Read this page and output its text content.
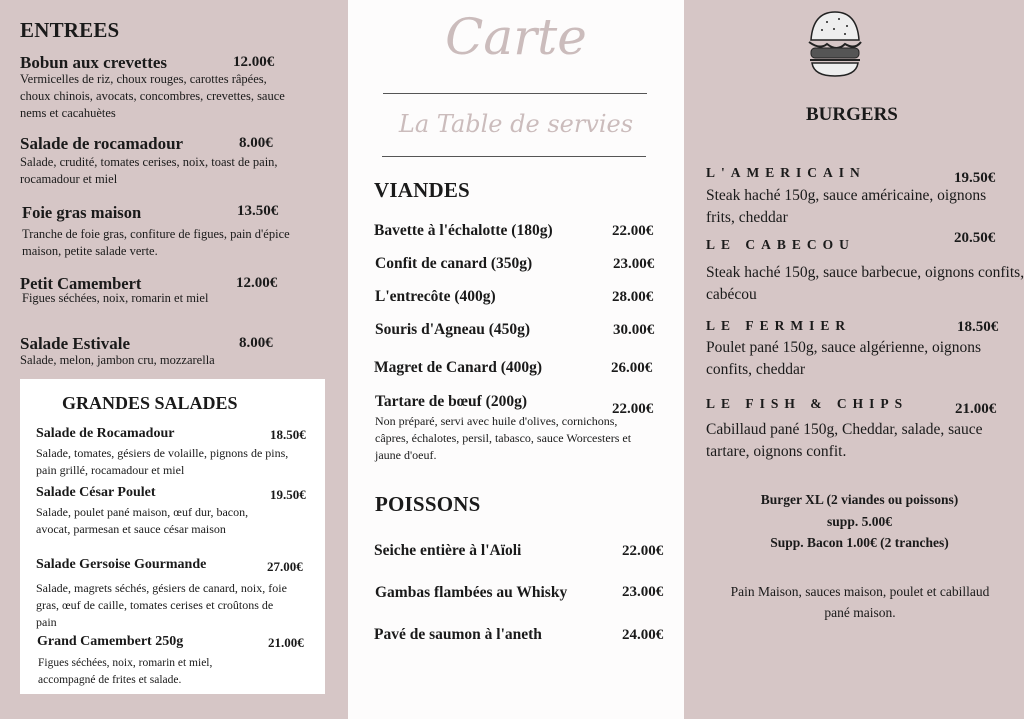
ENTREES
Bobun aux crevettes	12.00€
Vermicelles de riz, choux rouges, carottes râpées, choux chinois, avocats, concombres, crevettes, sauce nems et cacahuètes
Salade de rocamadour	8.00€
Salade, crudité, tomates cerises, noix, toast de pain, rocamadour et miel
Foie gras maison	13.50€
Tranche de foie gras, confiture de figues, pain d'épice maison, petite salade verte.
Petit Camembert	12.00€
Figues séchées, noix, romarin et miel
Salade Estivale	8.00€
Salade, melon, jambon cru, mozzarella
GRANDES SALADES
Salade de Rocamadour	18.50€
Salade, tomates, gésiers de volaille, pignons de pins, pain grillé, rocamadour et miel
Salade César Poulet	19.50€
Salade, poulet pané maison, œuf dur, bacon, avocat, parmesan et sauce césar maison
Salade Gersoise Gourmande	27.00€
Salade, magrets séchés, gésiers de canard, noix, foie gras, œuf de caille, tomates cerises et croûtons de pain
Grand Camembert 250g	21.00€
Figues séchées, noix, romarin et miel, accompagné de frites et salade.
Carte
La Table de servies
VIANDES
Bavette à l'échalotte (180g)	22.00€
Confit de canard (350g)	23.00€
L'entrecôte (400g)	28.00€
Souris d'Agneau (450g)	30.00€
Magret de Canard (400g)	26.00€
Tartare de bœuf (200g)	22.00€
Non préparé, servi avec huile d'olives, cornichons, câpres, échalotes, persil, tabasco, sauce Worcesters et jaune d'oeuf.
POISSONS
Seiche entière à l'Aïoli	22.00€
Gambas flambées au Whisky	23.00€
Pavé de saumon à l'aneth	24.00€
BURGERS
L'AMERICAIN	19.50€
Steak haché 150g, sauce américaine, oignons frits, cheddar
LE CABECOU	20.50€
Steak haché 150g, sauce barbecue, oignons confits, cabécou
LE FERMIER	18.50€
Poulet pané 150g, sauce algérienne, oignons confits, cheddar
LE FISH & CHIPS	21.00€
Cabillaud pané 150g, Cheddar, salade, sauce tartare, oignons confit.
Burger XL (2 viandes ou poissons)
supp. 5.00€
Supp. Bacon 1.00€ (2 tranches)
Pain Maison, sauces maison, poulet et cabillaud pané maison.
